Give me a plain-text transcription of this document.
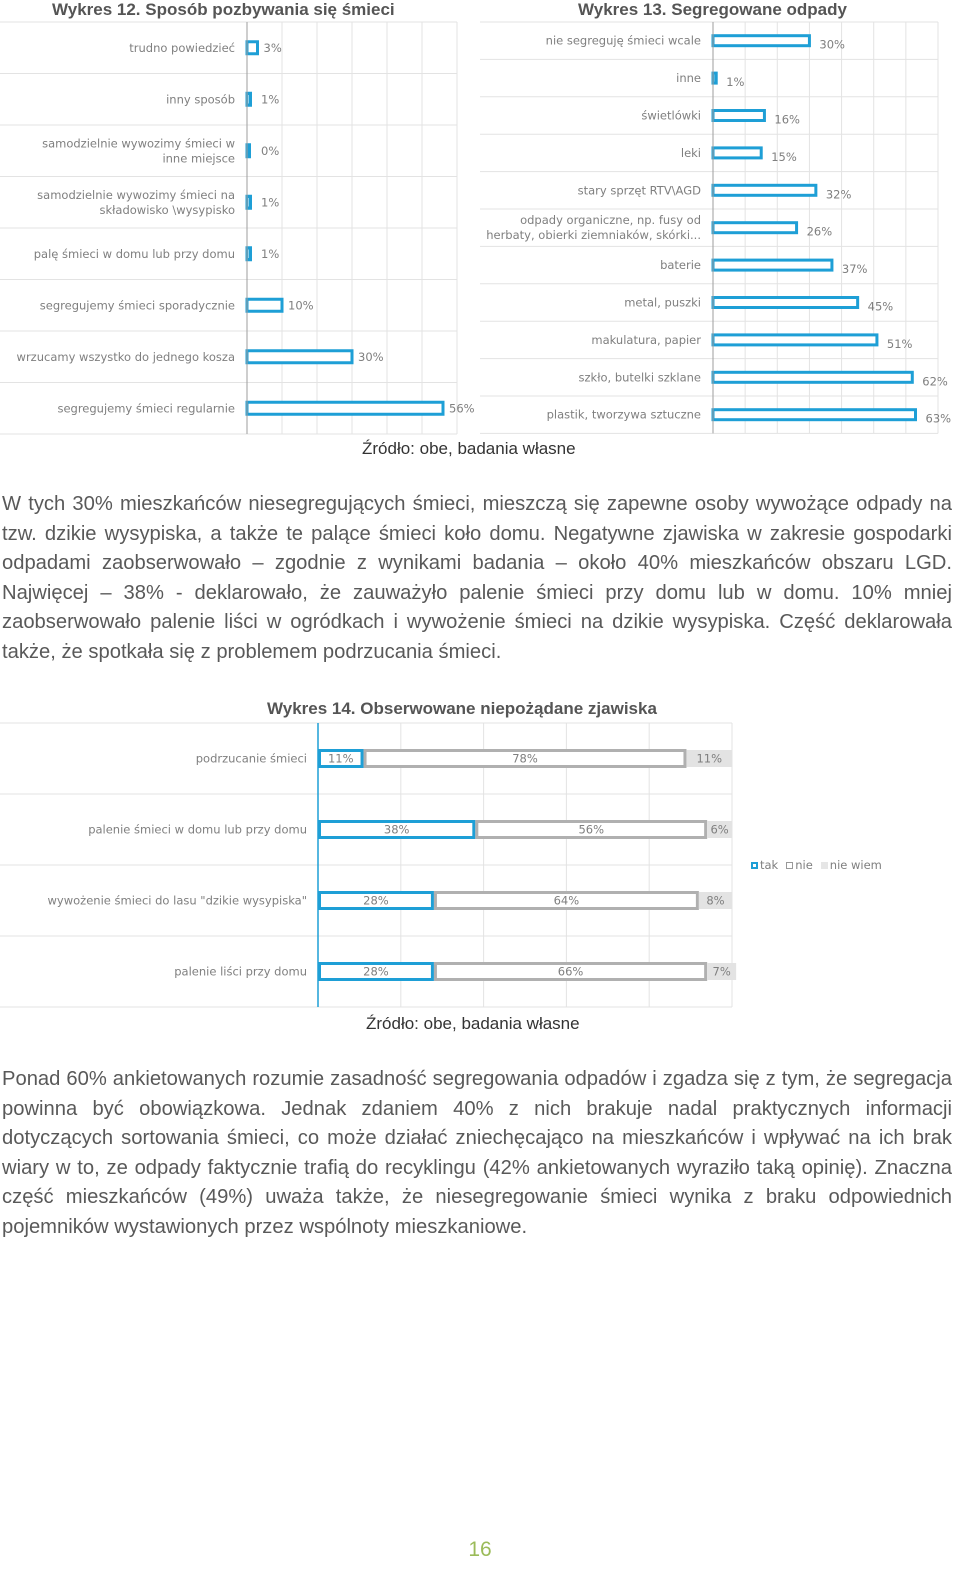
Wykres 12. Sposób pozbywania się śmieci
trudno powiedzieć 3%
inny sposób 1%
samodzielnie wywozimy śmieci w inne miejsce
0%
samodzielnie wywozimy śmieci na składowisko \wysypisko
1%
palę śmieci w domu lub przy domu 1%
segregujemy śmieci sporadycznie	10%
wrzucamy wszystko do jednego kosza	30%
segregujemy śmieci regularnie	56%
Wykres 13. Segregowane odpady
nie segreguję śmieci wcale	30%
inne 1%
świetlówki	16%
leki	15%
stary sprzęt RTV\AGD	32%
odpady organiczne, np. fusy od herbaty, obierki ziemniaków, skórki...	26%
baterie	37%
metal, puszki	45%
makulatura, papier	51%
szkło, butelki szklane	62%
plastik, tworzywa sztuczne	63%
Źródło: obe, badania własne
W tych 30% mieszkańców niesegregujących śmieci, mieszczą się zapewne osoby wywożące odpady na tzw. dzikie wysypiska, a także te palące śmieci koło domu. Negatywne zjawiska w zakresie gospodarki odpadami zaobserwowało – zgodnie z wynikami badania – około 40% mieszkańców obszaru LGD. Najwięcej – 38% - deklarowało, że zauważyło palenie śmieci przy domu lub w domu. 10% mniej zaobserwowało palenie liści w ogródkach i wywożenie śmieci na dzikie wysypiska. Część deklarowała także, że spotkała się z problemem podrzucania śmieci.
Wykres 14. Obserwowane niepożądane zjawiska
podrzucanie śmieci 11%	78%	11%
palenie śmieci w domu lub przy domu	38%	56%	6%
wywożenie śmieci do lasu "dzikie wysypiska"	28%	64%	8%
palenie liści przy domu	28%	66%	7%
tak nie nie wiem
Źródło: obe, badania własne
Ponad 60% ankietowanych rozumie zasadność segregowania odpadów i zgadza się z tym, że segregacja powinna być obowiązkowa. Jednak zdaniem 40% z nich brakuje nadal praktycznych informacji dotyczących sortowania śmieci, co może działać zniechęcająco na mieszkańców i wpływać na ich brak wiary w to, ze odpady faktycznie trafią do recyklingu (42% ankietowanych wyraziło taką opinię). Znaczna część mieszkańców (49%) uważa także, że niesegregowanie śmieci wynika z braku odpowiednich pojemników wystawionych przez wspólnoty mieszkaniowe.
16
